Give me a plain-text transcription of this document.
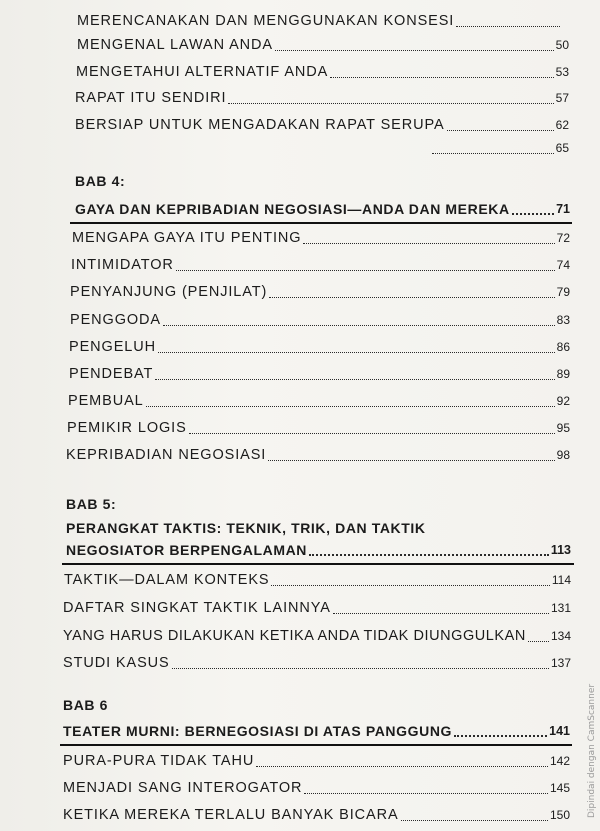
MERENCANAKAN DAN MENGGUNAKAN KONSESI
MENGENAL LAWAN ANDA	50
MENGETAHUI ALTERNATIF ANDA	53
RAPAT ITU SENDIRI	57
BERSIAP UNTUK MENGADAKAN RAPAT SERUPA	62
65
BAB 4:
GAYA DAN KEPRIBADIAN NEGOSIASI—ANDA DAN MEREKA	71
MENGAPA GAYA ITU PENTING	72
INTIMIDATOR	74
PENYANJUNG (PENJILAT)	79
PENGGODA	83
PENGELUH	86
PENDEBAT	89
PEMBUAL	92
PEMIKIR LOGIS	95
KEPRIBADIAN NEGOSIASI	98
BAB 5:
PERANGKAT TAKTIS: TEKNIK, TRIK, DAN TAKTIK
NEGOSIATOR BERPENGALAMAN	113
TAKTIK—DALAM KONTEKS	114
DAFTAR SINGKAT TAKTIK LAINNYA	131
YANG HARUS DILAKUKAN KETIKA ANDA TIDAK DIUNGGULKAN 134
STUDI KASUS	137
BAB 6
TEATER MURNI: BERNEGOSIASI DI ATAS PANGGUNG	141
PURA-PURA TIDAK TAHU	142
MENJADI SANG INTEROGATOR	145
KETIKA MEREKA TERLALU BANYAK BICARA	150 Dipindai dengan CamScanner
